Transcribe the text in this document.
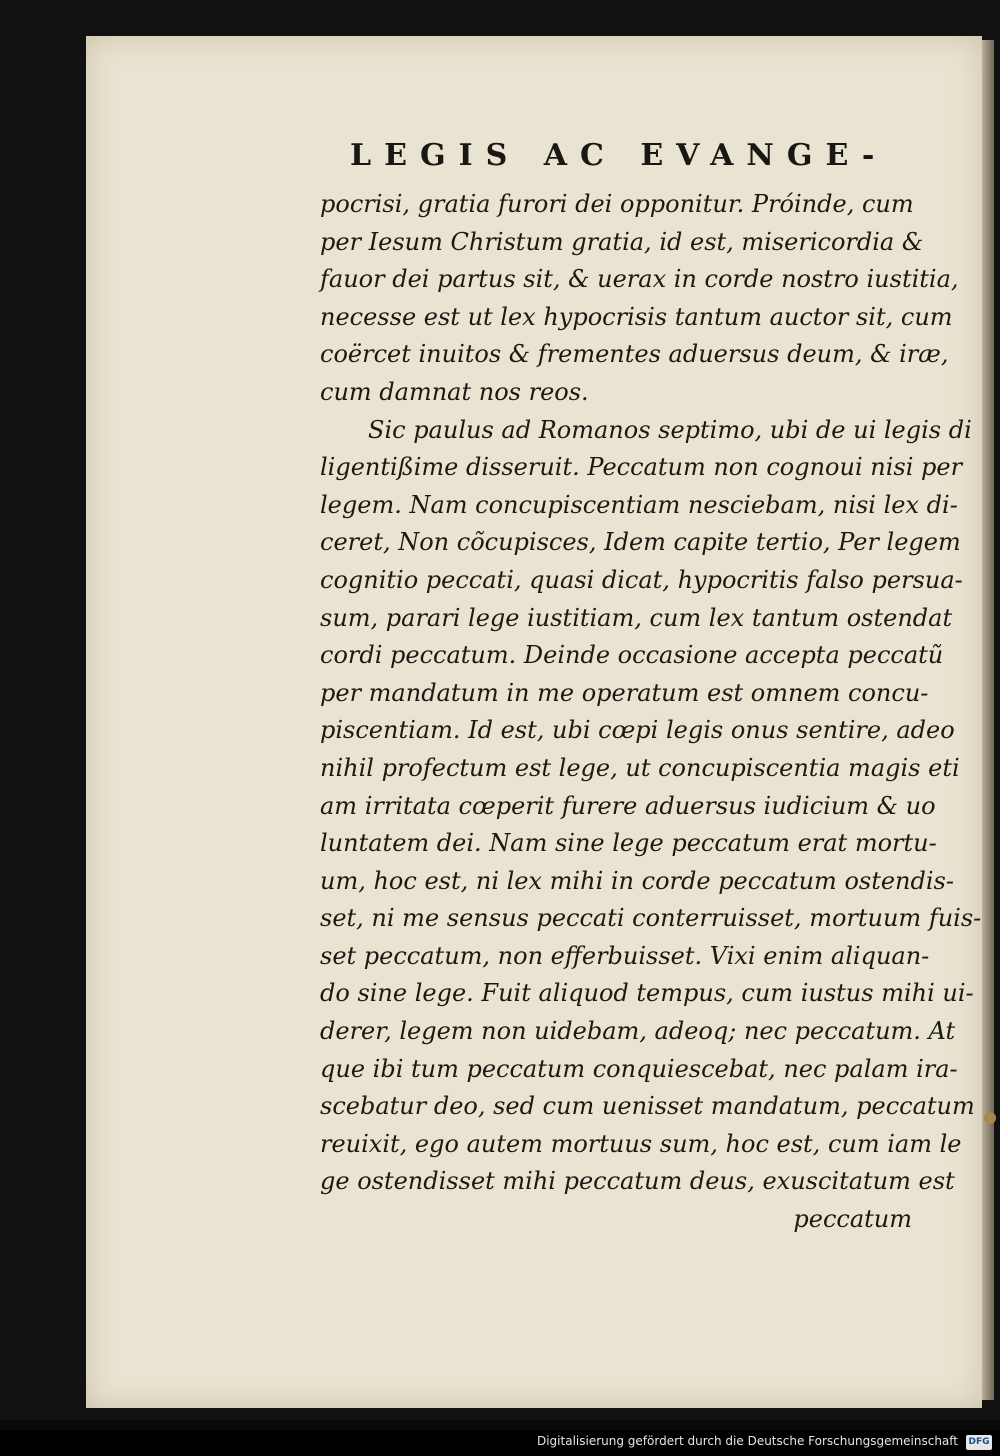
LEGIS AC EVANGE-
pocrisi, gratia furori dei opponitur. Próinde, cum
per Iesum Christum gratia, id est, misericordia &
fauor dei partus sit, & uerax in corde nostro iustitia,
necesse est ut lex hypocrisis tantum auctor sit, cum
coërcet inuitos & frementes aduersus deum, & iræ,
cum damnat nos reos.
Sic paulus ad Romanos septimo, ubi de ui legis di
ligentißime disseruit. Peccatum non cognoui nisi per
legem. Nam concupiscentiam nesciebam, nisi lex di-
ceret, Non cõcupisces, Idem capite tertio, Per legem
cognitio peccati, quasi dicat, hypocritis falso persua-
sum, parari lege iustitiam, cum lex tantum ostendat
cordi peccatum. Deinde occasione accepta peccatũ
per mandatum in me operatum est omnem concu-
piscentiam. Id est, ubi cœpi legis onus sentire, adeo
nihil profectum est lege, ut concupiscentia magis eti
am irritata cœperit furere aduersus iudicium & uo
luntatem dei. Nam sine lege peccatum erat mortu-
um, hoc est, ni lex mihi in corde peccatum ostendis-
set, ni me sensus peccati conterruisset, mortuum fuis-
set peccatum, non efferbuisset. Vixi enim aliquan-
do sine lege. Fuit aliquod tempus, cum iustus mihi ui-
derer, legem non uidebam, adeoq; nec peccatum. At
que ibi tum peccatum conquiescebat, nec palam ira-
scebatur deo, sed cum uenisset mandatum, peccatum
reuixit, ego autem mortuus sum, hoc est, cum iam le
ge ostendisset mihi peccatum deus, exuscitatum est
peccatum
Digitalisierung gefördert durch die Deutsche Forschungsgemeinschaft DFG
